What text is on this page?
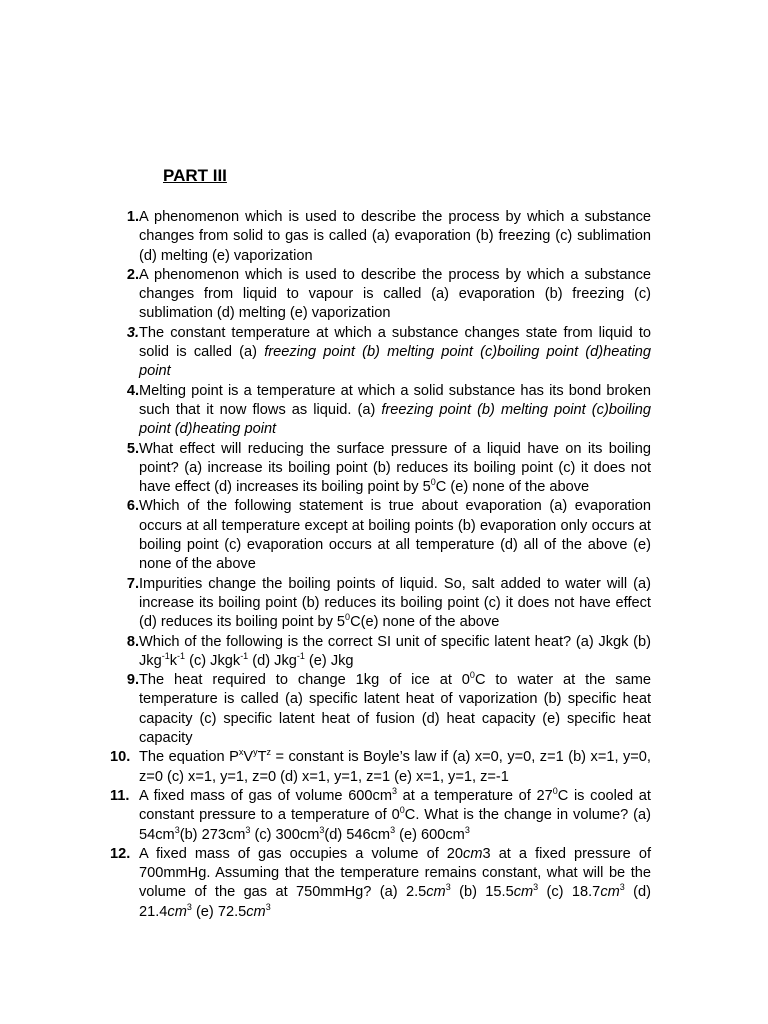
PART III
1. A phenomenon which is used to describe the process by which a substance changes from solid to gas is called (a) evaporation (b) freezing (c) sublimation (d) melting (e) vaporization
2. A phenomenon which is used to describe the process by which a substance changes from liquid to vapour is called (a) evaporation (b) freezing (c) sublimation (d) melting (e) vaporization
3. The constant temperature at which a substance changes state from liquid to solid is called (a) freezing point (b) melting point (c)boiling point (d)heating point
4. Melting point is a temperature at which a solid substance has its bond broken such that it now flows as liquid. (a) freezing point (b) melting point (c)boiling point (d)heating point
5. What effect will reducing the surface pressure of a liquid have on its boiling point? (a) increase its boiling point (b) reduces its boiling point (c) it does not have effect (d) increases its boiling point by $5^0C$ (e) none of the above
6. Which of the following statement is true about evaporation (a) evaporation occurs at all temperature except at boiling points (b) evaporation only occurs at boiling point (c) evaporation occurs at all temperature (d) all of the above (e) none of the above
7. Impurities change the boiling points of liquid. So, salt added to water will (a) increase its boiling point (b) reduces its boiling point (c) it does not have effect (d) reduces its boiling point by $5^0C(e)$ none of the above
8. Which of the following is the correct SI unit of specific latent heat? (a) Jkgk (b) $Jkg^{-1}k^{-1}$ (c) Jkgk$^{-1}$ (d) Jkg$^{-1}$ (e) Jkg
9. The heat required to change 1kg of ice at $0^0C$ to water at the same temperature is called (a) specific latent heat of vaporization (b) specific heat capacity (c) specific latent heat of fusion (d) heat capacity (e) specific heat capacity
10. The equation $P^xV^yT^z$ = constant is Boyle’s law if (a) x=0, y=0, z=1 (b) x=1, y=0, z=0 (c) x=1, y=1, z=0 (d) x=1, y=1, z=1 (e) x=1, y=1, z=-1
11. A fixed mass of gas of volume $600cm^3$ at a temperature of $27^0C$ is cooled at constant pressure to a temperature of $0^0C$. What is the change in volume? (a) $54cm^3(b)$ $273cm^3$ (c) $300cm^3(d)$ $546cm^3$ (e) $600cm^3$
12. A fixed mass of gas occupies a volume of 20cm3 at a fixed pressure of 700mmHg. Assuming that the temperature remains constant, what will be the volume of the gas at 750mmHg? (a) $2.5cm^3$ (b) $15.5cm^3$ (c) $18.7cm^3$ (d) $21.4cm^3$ (e) $72.5cm^3$
